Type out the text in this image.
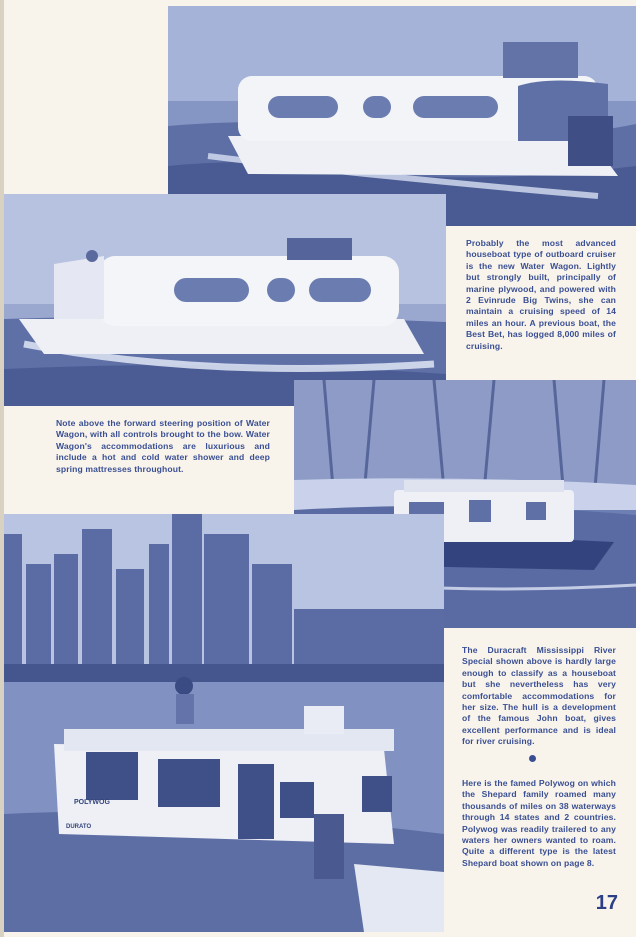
POLYWOG
DURATO
Probably the most advanced houseboat type of outboard cruiser is the new Water Wagon. Lightly but strongly built, principally of marine plywood, and powered with 2 Evinrude Big Twins, she can maintain a cruising speed of 14 miles an hour. A previous boat, the Best Bet, has logged 8,000 miles of cruising.
Note above the forward steering position of Water Wagon, with all controls brought to the bow. Water Wagon's accommodations are luxurious and include a hot and cold water shower and deep spring mattresses throughout.
The Duracraft Mississippi River Special shown above is hardly large enough to classify as a houseboat but she nevertheless has very comfortable accommodations for her size. The hull is a development of the famous John boat, gives excellent performance and is ideal for river cruising.
Here is the famed Polywog on which the Shepard family roamed many thousands of miles on 38 waterways through 14 states and 2 countries. Polywog was readily trailered to any waters her owners wanted to roam. Quite a different type is the latest Shepard boat shown on page 8.
17
